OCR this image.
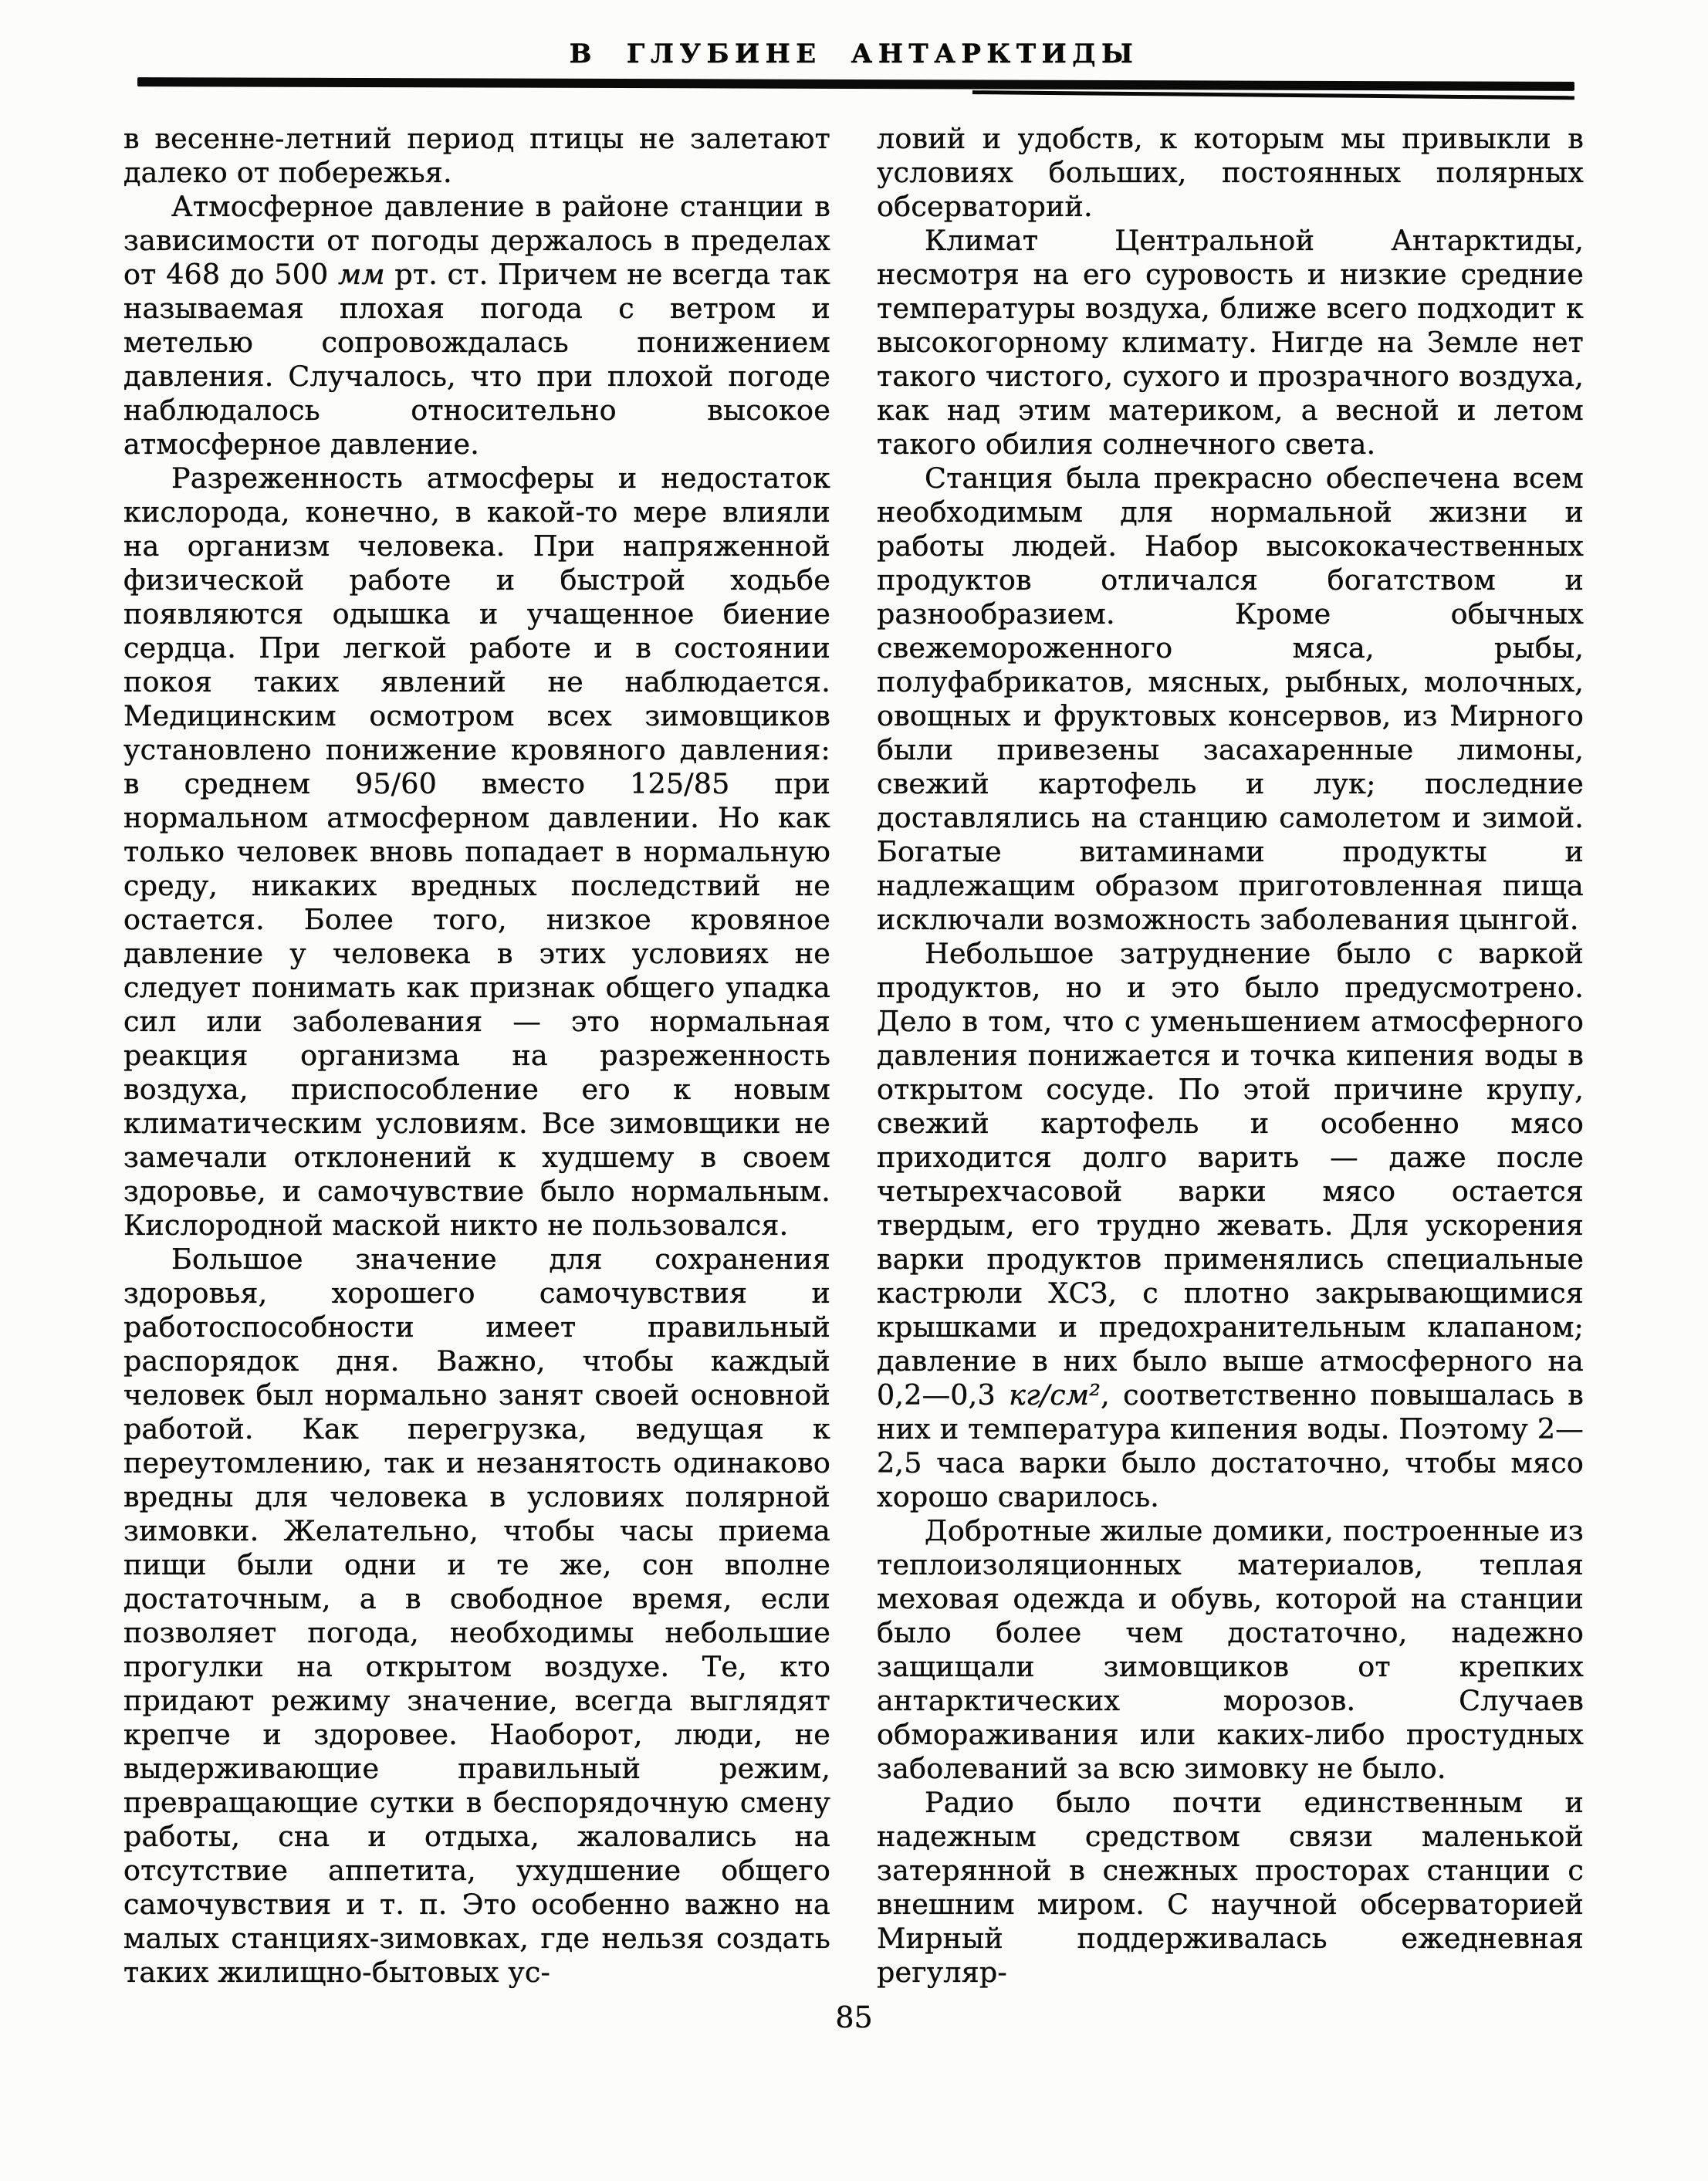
В ГЛУБИНЕ АНТАРКТИДЫ

в весенне-летний период птицы не залетают далеко от побережья.

Атмосферное давление в районе станции в зависимости от погоды держалось в пределах от 468 до 500 мм рт. ст. Причем не всегда так называемая плохая погода с ветром и метелью сопровождалась понижением давления. Случалось, что при плохой погоде наблюдалось относительно высокое атмосферное давление.

Разреженность атмосферы и недостаток кислорода, конечно, в какой-то мере влияли на организм человека. При напряженной физической работе и быстрой ходьбе появляются одышка и учащенное биение сердца. При легкой работе и в состоянии покоя таких явлений не наблюдается. Медицинским осмотром всех зимовщиков установлено понижение кровяного давления: в среднем 95/60 вместо 125/85 при нормальном атмосферном давлении. Но как только человек вновь попадает в нормальную среду, никаких вредных последствий не остается. Более того, низкое кровяное давление у человека в этих условиях не следует понимать как признак общего упадка сил или заболевания — это нормальная реакция организма на разреженность воздуха, приспособление его к новым климатическим условиям. Все зимовщики не замечали отклонений к худшему в своем здоровье, и самочувствие было нормальным. Кислородной маской никто не пользовался.

Большое значение для сохранения здоровья, хорошего самочувствия и работоспособности имеет правильный распорядок дня. Важно, чтобы каждый человек был нормально занят своей основной работой. Как перегрузка, ведущая к переутомлению, так и незанятость одинаково вредны для человека в условиях полярной зимовки. Желательно, чтобы часы приема пищи были одни и те же, сон вполне достаточным, а в свободное время, если позволяет погода, необходимы небольшие прогулки на открытом воздухе. Те, кто придают режиму значение, всегда выглядят крепче и здоровее. Наоборот, люди, не выдерживающие правильный режим, превращающие сутки в беспорядочную смену работы, сна и отдыха, жаловались на отсутствие аппетита, ухудшение общего самочувствия и т. п. Это особенно важно на малых станциях-зимовках, где нельзя создать таких жилищно-бытовых ус-

ловий и удобств, к которым мы привыкли в условиях больших, постоянных полярных обсерваторий.

Климат Центральной Антарктиды, несмотря на его суровость и низкие средние температуры воздуха, ближе всего подходит к высокогорному климату. Нигде на Земле нет такого чистого, сухого и прозрачного воздуха, как над этим материком, а весной и летом такого обилия солнечного света.

Станция была прекрасно обеспечена всем необходимым для нормальной жизни и работы людей. Набор высококачественных продуктов отличался богатством и разнообразием. Кроме обычных свежемороженного мяса, рыбы, полуфабрикатов, мясных, рыбных, молочных, овощных и фруктовых консервов, из Мирного были привезены засахаренные лимоны, свежий картофель и лук; последние доставлялись на станцию самолетом и зимой. Богатые витаминами продукты и надлежащим образом приготовленная пища исключали возможность заболевания цынгой.

Небольшое затруднение было с варкой продуктов, но и это было предусмотрено. Дело в том, что с уменьшением атмосферного давления понижается и точка кипения воды в открытом сосуде. По этой причине крупу, свежий картофель и особенно мясо приходится долго варить — даже после четырехчасовой варки мясо остается твердым, его трудно жевать. Для ускорения варки продуктов применялись специальные кастрюли ХСЗ, с плотно закрывающимися крышками и предохранительным клапаном; давление в них было выше атмосферного на 0,2—0,3 кг/см², соответственно повышалась в них и температура кипения воды. Поэтому 2—2,5 часа варки было достаточно, чтобы мясо хорошо сварилось.

Добротные жилые домики, построенные из теплоизоляционных материалов, теплая меховая одежда и обувь, которой на станции было более чем достаточно, надежно защищали зимовщиков от крепких антарктических морозов. Случаев обмораживания или каких-либо простудных заболеваний за всю зимовку не было.

Радио было почти единственным и надежным средством связи маленькой затерянной в снежных просторах станции с внешним миром. С научной обсерваторией Мирный поддерживалась ежедневная регуляр-

85
